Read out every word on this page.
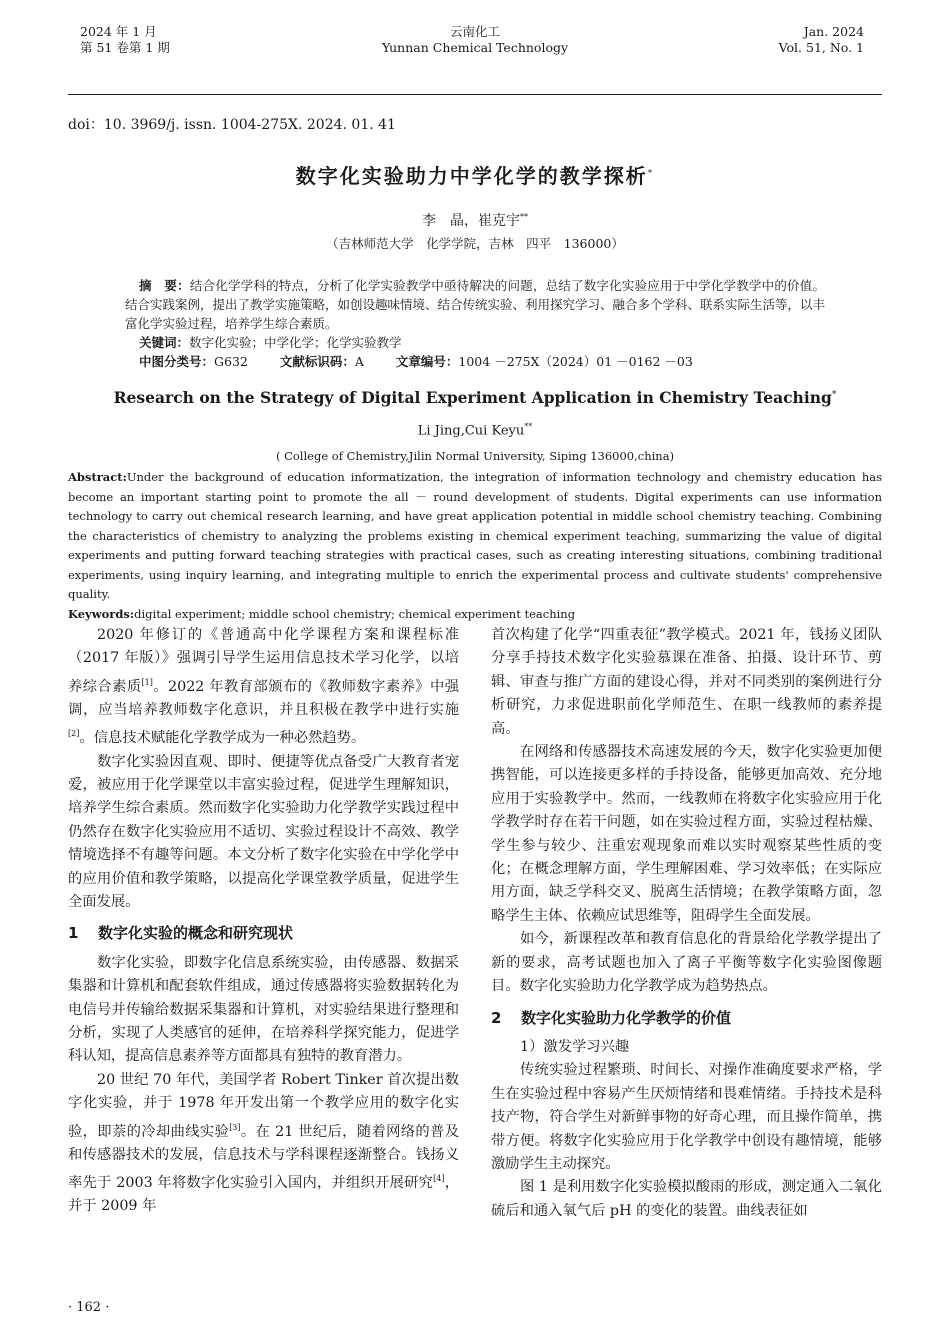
2024 年 1 月
第 51 卷第 1 期
云南化工
Yunnan Chemical Technology
Jan. 2024
Vol. 51, No. 1
doi：10. 3969/j. issn. 1004-275X. 2024. 01. 41
数字化实验助力中学化学的教学探析*
李　晶，崔克宇**
（吉林师范大学　化学学院，吉林　四平　136000）

摘　要：结合化学学科的特点，分析了化学实验教学中亟待解决的问题，总结了数字化实验应用于中学化学教学中的价值。结合实践案例，提出了教学实施策略，如创设趣味情境、结合传统实验、利用探究学习、融合多个学科、联系实际生活等，以丰富化学实验过程，培养学生综合素质。

关键词：数字化实验；中学化学；化学实验教学

中图分类号：G632	文献标识码：A	文章编号：1004 －275X（2024）01 －0162 －03
Research on the Strategy of Digital Experiment Application in Chemistry Teaching*
Li Jing,Cui Keyu**
( College of Chemistry,Jilin Normal University, Siping 136000,china)

Abstract:Under the background of education informatization, the integration of information technology and chemistry education has become an important starting point to promote the all － round development of students. Digital experiments can use information technology to carry out chemical research learning, and have great application potential in middle school chemistry teaching. Combining the characteristics of chemistry to analyzing the problems existing in chemical experiment teaching, summarizing the value of digital experiments and putting forward teaching strategies with practical cases, such as creating interesting situations, combining traditional experiments, using inquiry learning, and integrating multiple to enrich the experimental process and cultivate students' comprehensive quality.

Keywords:digital experiment; middle school chemistry; chemical experiment teaching

2020 年修订的《普通高中化学课程方案和课程标准（2017 年版）》强调引导学生运用信息技术学习化学，以培养综合素质[1]。2022 年教育部颁布的《教师数字素养》中强调，应当培养教师数字化意识，并且积极在教学中进行实施[2]。信息技术赋能化学教学成为一种必然趋势。

数字化实验因直观、即时、便捷等优点备受广大教育者宠爱，被应用于化学课堂以丰富实验过程，促进学生理解知识，培养学生综合素质。然而数字化实验助力化学教学实践过程中仍然存在数字化实验应用不适切、实验过程设计不高效、教学情境选择不有趣等问题。本文分析了数字化实验在中学化学中的应用价值和教学策略，以提高化学课堂教学质量，促进学生全面发展。

1 数字化实验的概念和研究现状

数字化实验，即数字化信息系统实验，由传感器、数据采集器和计算机和配套软件组成，通过传感器将实验数据转化为电信号并传输给数据采集器和计算机，对实验结果进行整理和分析，实现了人类感官的延伸，在培养科学探究能力，促进学科认知，提高信息素养等方面都具有独特的教育潜力。

20 世纪 70 年代，美国学者 Robert Tinker 首次提出数字化实验，并于 1978 年开发出第一个教学应用的数字化实验，即萘的冷却曲线实验[3]。在 21 世纪后，随着网络的普及和传感器技术的发展，信息技术与学科课程逐渐整合。钱扬义率先于 2003 年将数字化实验引入国内，并组织开展研究[4]，并于 2009 年

首次构建了化学“四重表征”教学模式。2021 年，钱扬义团队分享手持技术数字化实验慕课在准备、拍摄、设计环节、剪辑、审查与推广方面的建设心得，并对不同类别的案例进行分析研究，力求促进职前化学师范生、在职一线教师的素养提高。

在网络和传感器技术高速发展的今天，数字化实验更加便携智能，可以连接更多样的手持设备，能够更加高效、充分地应用于实验教学中。然而，一线教师在将数字化实验应用于化学教学时存在若干问题，如在实验过程方面，实验过程枯燥、学生参与较少、注重宏观现象而难以实时观察某些性质的变化；在概念理解方面，学生理解困难、学习效率低；在实际应用方面，缺乏学科交叉、脱离生活情境；在教学策略方面，忽略学生主体、依赖应试思维等，阻碍学生全面发展。

如今，新课程改革和教育信息化的背景给化学教学提出了新的要求，高考试题也加入了离子平衡等数字化实验图像题目。数字化实验助力化学教学成为趋势热点。

2 数字化实验助力化学教学的价值

1）激发学习兴趣

传统实验过程繁琐、时间长、对操作准确度要求严格，学生在实验过程中容易产生厌烦情绪和畏难情绪。手持技术是科技产物，符合学生对新鲜事物的好奇心理，而且操作简单，携带方便。将数字化实验应用于化学教学中创设有趣情境，能够激励学生主动探究。

图 1 是利用数字化实验模拟酸雨的形成，测定通入二氧化硫后和通入氧气后 pH 的变化的装置。曲线表征如

· 162 ·
